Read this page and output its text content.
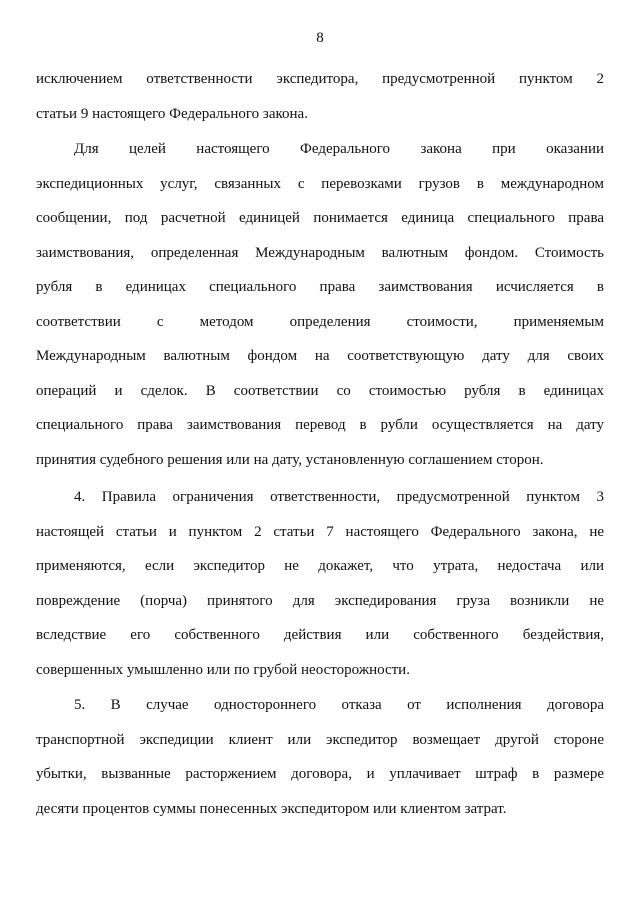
8
исключением ответственности экспедитора, предусмотренной пунктом 2
статьи 9 настоящего Федерального закона.
Для целей настоящего Федерального закона при оказании
экспедиционных услуг, связанных с перевозками грузов в международном
сообщении, под расчетной единицей понимается единица специального права
заимствования, определенная Международным валютным фондом. Стоимость
рубля в единицах специального права заимствования исчисляется в
соответствии с методом определения стоимости, применяемым
Международным валютным фондом на соответствующую дату для своих
операций и сделок. В соответствии со стоимостью рубля в единицах
специального права заимствования перевод в рубли осуществляется на дату
принятия судебного решения или на дату, установленную соглашением сторон.
4. Правила ограничения ответственности, предусмотренной пунктом 3
настоящей статьи и пунктом 2 статьи 7 настоящего Федерального закона, не
применяются, если экспедитор не докажет, что утрата, недостача или
повреждение (порча) принятого для экспедирования груза возникли не
вследствие его собственного действия или собственного бездействия,
совершенных умышленно или по грубой неосторожности.
5. В случае одностороннего отказа от исполнения договора
транспортной экспедиции клиент или экспедитор возмещает другой стороне
убытки, вызванные расторжением договора, и уплачивает штраф в размере
десяти процентов суммы понесенных экспедитором или клиентом затрат.
